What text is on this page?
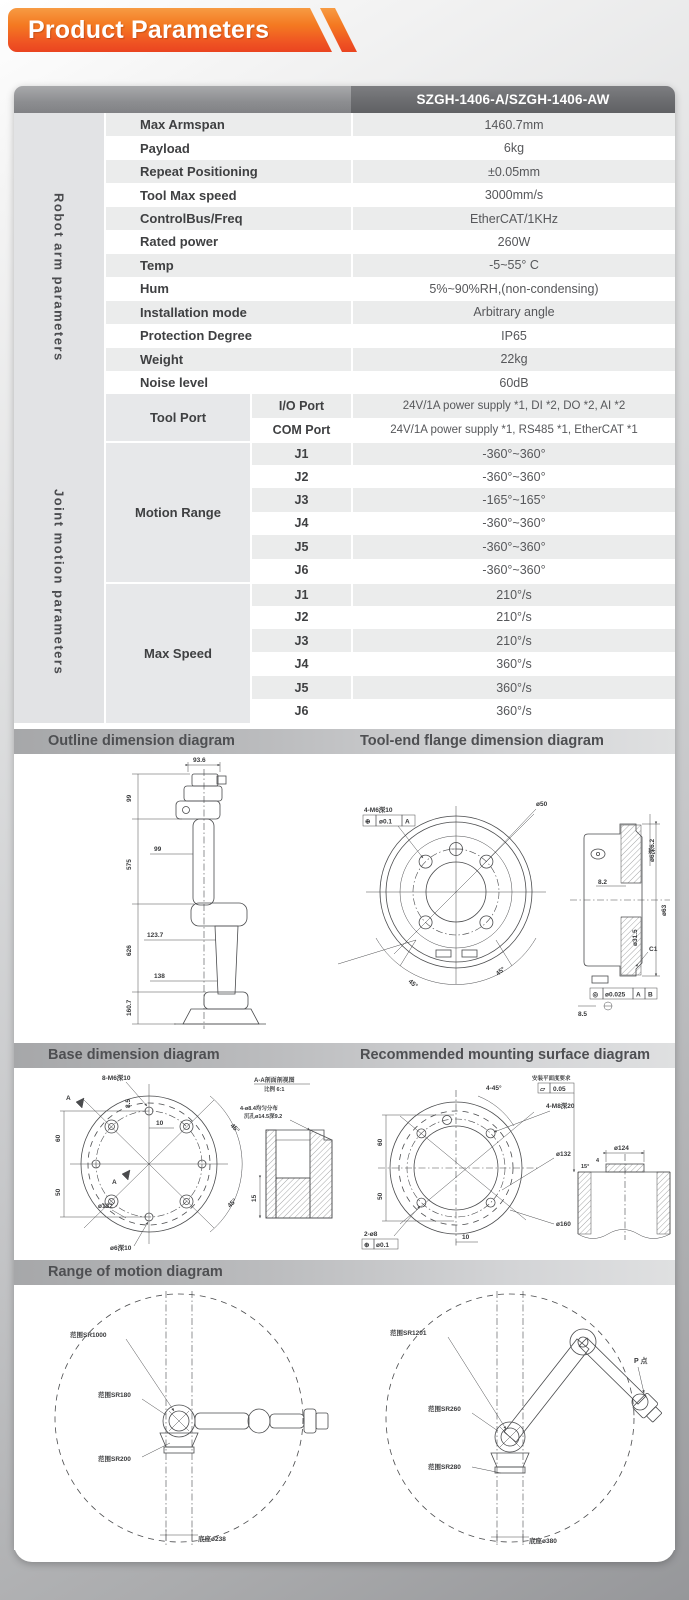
Product Parameters
SZGH-1406-A/SZGH-1406-AW
Robot arm parameters
Joint motion parameters
Max Armspan	1460.7mm
Payload	6kg
Repeat Positioning	±0.05mm
Tool Max speed	3000mm/s
ControlBus/Freq	EtherCAT/1KHz
Rated power	260W
Temp	-5~55° C
Hum	5%~90%RH,(non-condensing)
Installation mode	Arbitrary angle
Protection Degree	IP65
Weight	22kg
Noise level	60dB
Tool Port
I/O Port	24V/1A power supply *1, DI *2, DO *2, AI *2
COM Port	24V/1A power supply *1, RS485 *1, EtherCAT *1
Motion Range
J1	-360°~360°
J2	-360°~360°
J3	-165°~165°
J4	-360°~360°
J5	-360°~360°
J6	-360°~360°
Max Speed
J1	210°/s
J2	210°/s
J3	210°/s
J4	360°/s
J5	360°/s
J6	360°/s
Outline dimension diagram	Tool-end flange dimension diagram
93.6
99
575
626
160.7
99
123.7
138
45°
45°
4-M6深10
⊕ ø0.1 A
ø50
ø6深6.2
8.2
ø31.5
ø63
C1
◎ ø0.025 A B
8.5
Base dimension diagram	Recommended mounting surface diagram
8-M6深10
A
A
8.5
10
60
50
ø132
ø6深10
45°
45°
A-A剖面剖视图
比例 6:1
4-ø8.4均匀分布
沉孔ø14.5深9.2
15
4-45°
4-M8深20
ø132
ø160
60
50
10
2-ø8
⊕ ø0.1
安装平面度要求
▱ 0.05
ø124
15°
4
Range of motion diagram
范围SR1000
范围SR180
范围SR200
底座ø238
P 点
范围SR1201
范围SR260
范围SR280
底座ø380
